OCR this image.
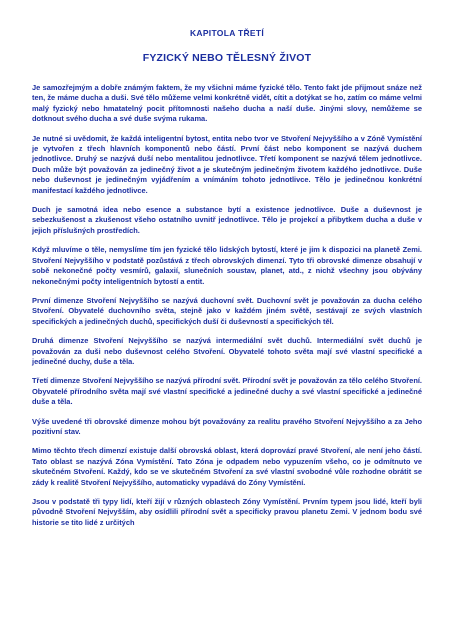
KAPITOLA TŘETÍ
FYZICKÝ NEBO TĚLESNÝ ŽIVOT

Je samozřejmým a dobře známým faktem, že my všichni máme fyzické tělo. Tento fakt jde přijmout snáze než ten, že máme ducha a duši. Své tělo můžeme velmi konkrétně vidět, cítit a dotýkat se ho, zatím co máme velmi malý fyzický nebo hmatatelný pocit přítomnosti našeho ducha a naší duše. Jinými slovy, nemůžeme se dotknout svého ducha a své duše svýma rukama.

Je nutné si uvědomit, že každá inteligentní bytost, entita nebo tvor ve Stvoření Nejvyššího a v Zóně Vymístění je vytvořen z třech hlavních komponentů nebo částí. První část nebo komponent se nazývá duchem jednotlivce. Druhý se nazývá duší nebo mentalitou jednotlivce. Třetí komponent se nazývá tělem jednotlivce. Duch může být považován za jedinečný život a je skutečným jedinečným životem každého jednotlivce. Duše nebo duševnost je jedinečným vyjádřením a vnímáním tohoto jednotlivce. Tělo je jedinečnou konkrétní manifestací každého jednotlivce.

Duch je samotná idea nebo esence a substance bytí a existence jednotlivce. Duše a duševnost je sebezkušenost a zkušenost všeho ostatního uvnitř jednotlivce. Tělo je projekcí a přibytkem ducha a duše v jejich příslušných prostředích.

Když mluvíme o těle, nemyslíme tím jen fyzické tělo lidských bytostí, které je jim k dispozici na planetě Zemi. Stvoření Nejvyššího v podstatě pozůstává z třech obrovských dimenzí. Tyto tři obrovské dimenze obsahují v sobě nekonečné počty vesmírů, galaxií, slunečních soustav, planet, atd., z nichž všechny jsou obývány nekonečnými počty inteligentních bytostí a entit.

První dimenze Stvoření Nejvyššího se nazývá duchovní svět. Duchovní svět je považován za ducha celého Stvoření. Obyvatelé duchovního světa, stejně jako v každém jiném světě, sestávají ze svých vlastních specifických a jedinečných duchů, specifických duší či duševností a specifických těl.

Druhá dimenze Stvoření Nejvyššího se nazývá intermediální svět duchů. Intermediální svět duchů je považován za duši nebo duševnost celého Stvoření. Obyvatelé tohoto světa mají své vlastní specifické a jedinečné duchy, duše a těla.

Třetí dimenze Stvoření Nejvyššího se nazývá přírodní svět. Přírodní svět je považován za tělo celého Stvoření. Obyvatelé přírodního světa mají své vlastní specifické a jedinečné duchy a své vlastní specifické a jedinečné duše a těla.

Výše uvedené tři obrovské dimenze mohou být považovány za realitu pravého Stvoření Nejvyššího a za Jeho pozitivní stav.

Mimo těchto třech dimenzí existuje další obrovská oblast, která doprovází pravé Stvoření, ale není jeho částí. Tato oblast se nazývá Zóna Vymístění. Tato Zóna je odpadem nebo vypuzením všeho, co je odmítnuto ve skutečném Stvoření. Každý, kdo se ve skutečném Stvoření za své vlastní svobodné vůle rozhodne obrátit se zády k realitě Stvoření Nejvyššího, automaticky vypadává do Zóny Vymístění.

Jsou v podstatě tři typy lidí, kteří žijí v různých oblastech Zóny Vymístění. Prvním typem jsou lidé, kteří byli původně Stvoření Nejvyšším, aby osídlili přírodní svět a specificky pravou planetu Zemi. V jednom bodu své historie se tito lidé z určitých
